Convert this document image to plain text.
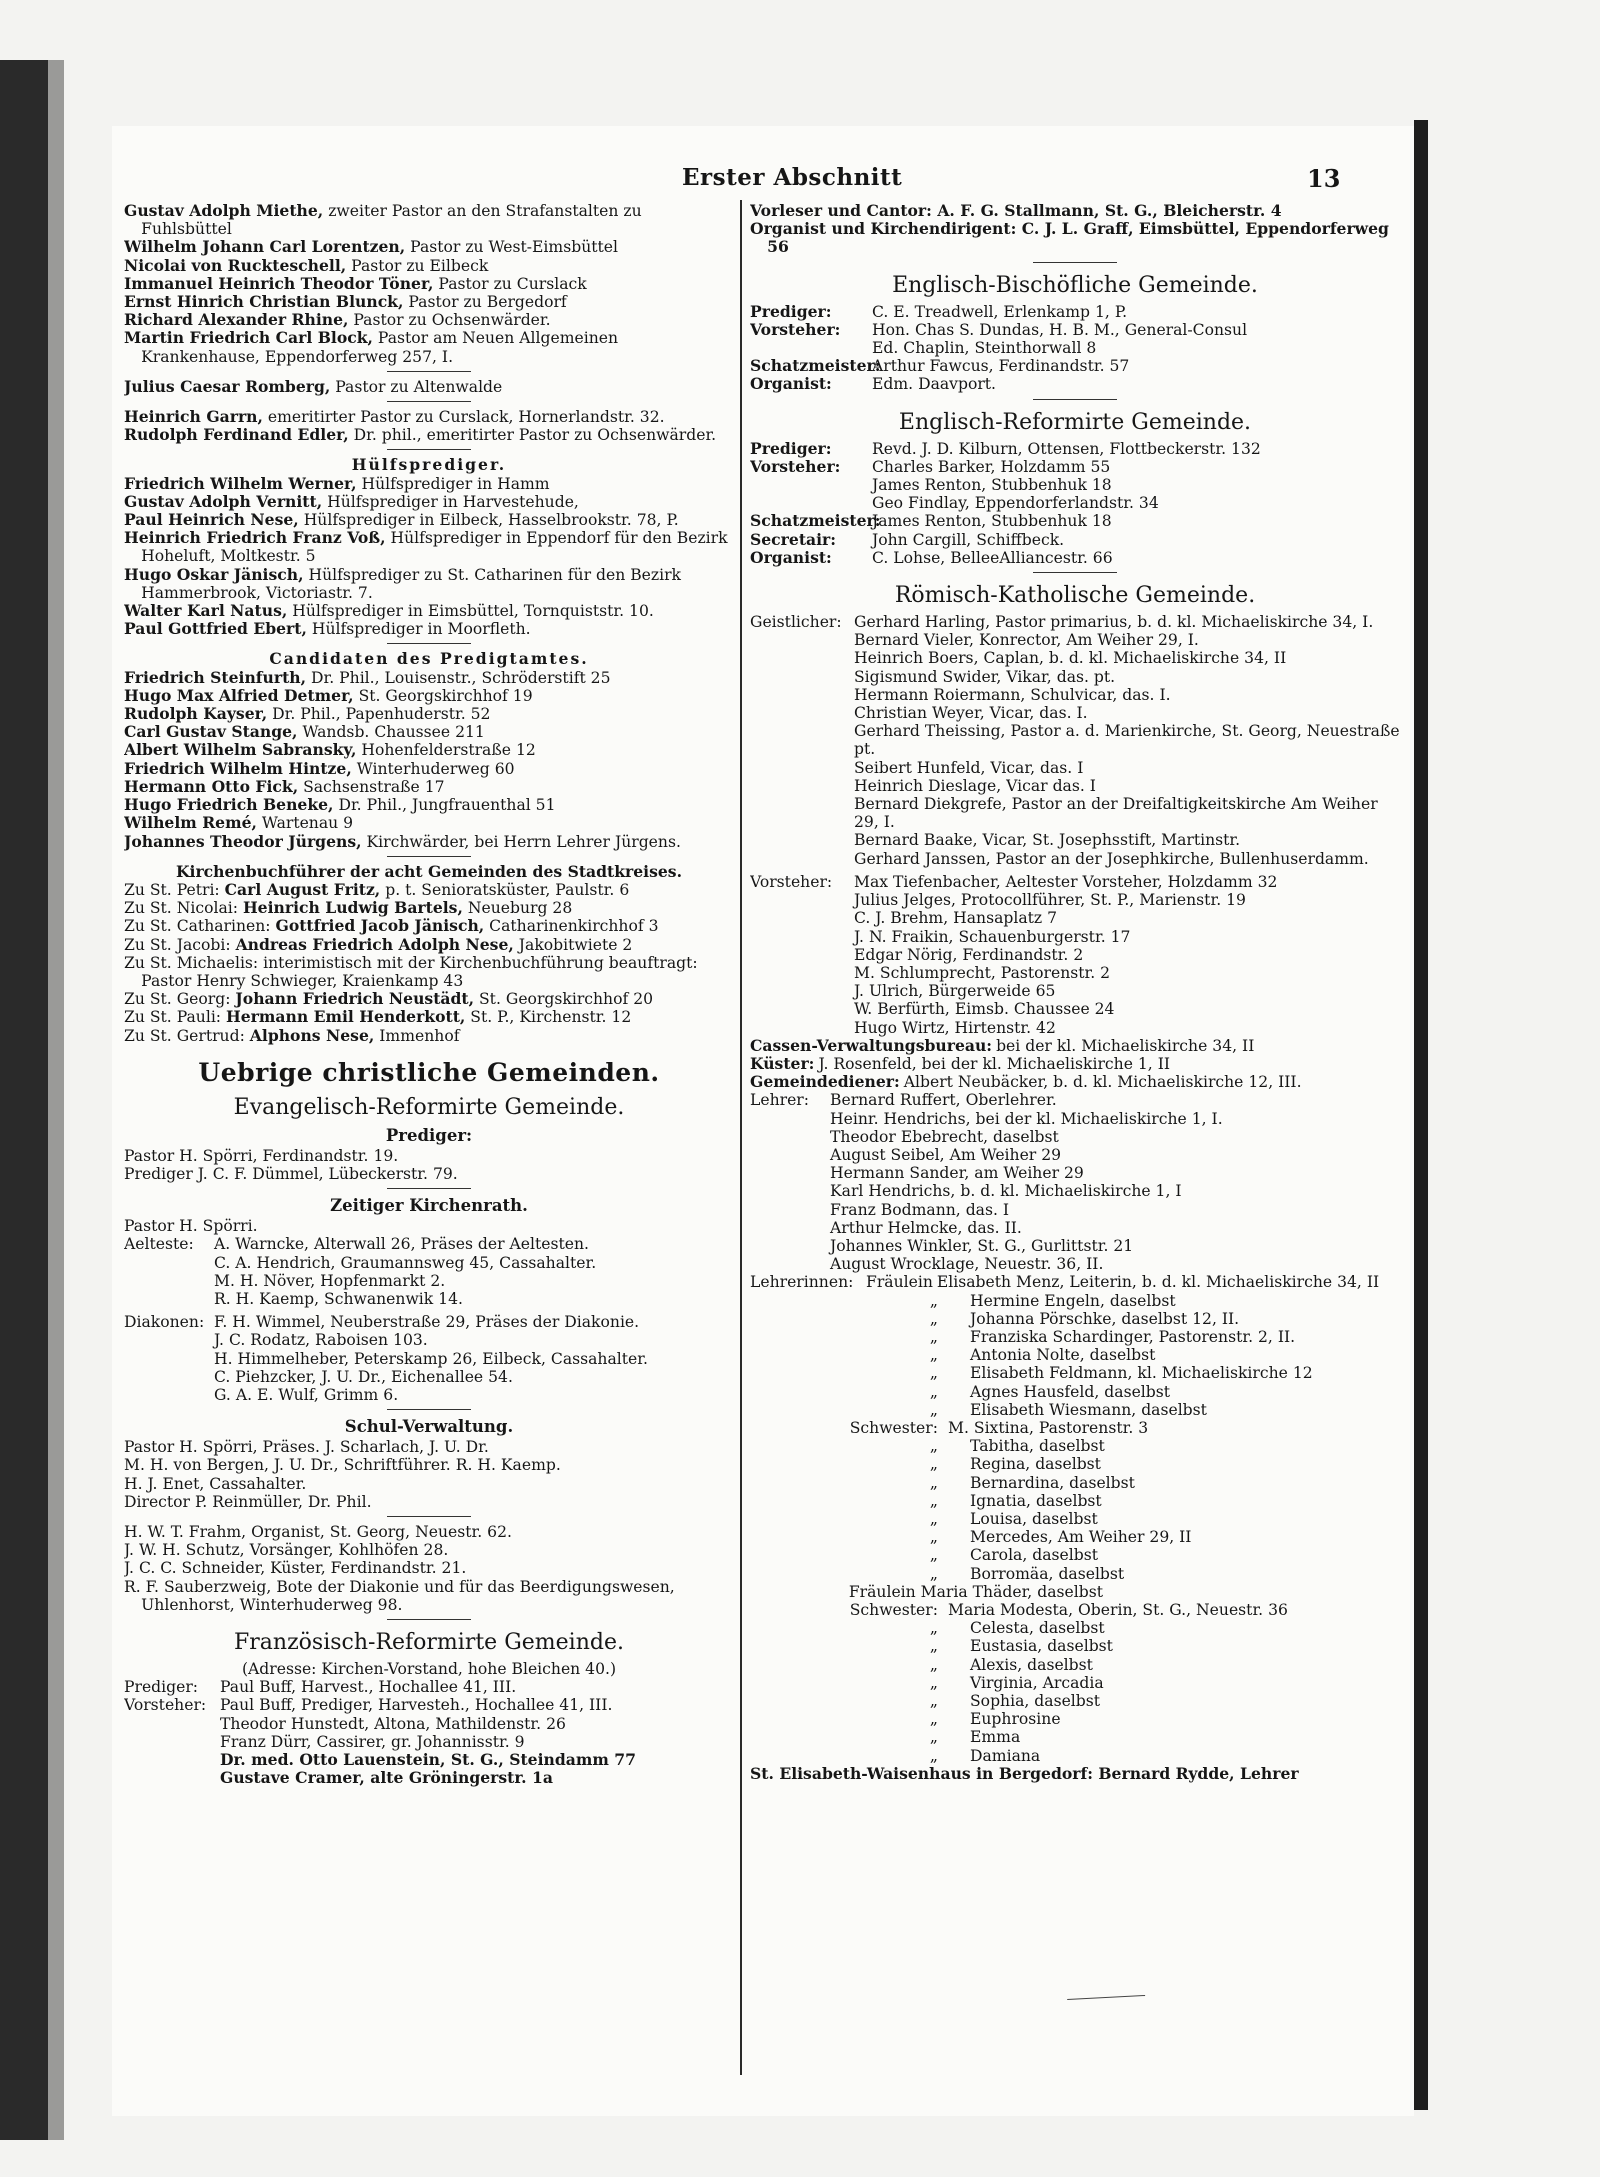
Erster Abschnitt	13

Gustav Adolph Miethe, zweiter Pastor an den Strafanstalten zu Fuhlsbüttel

Wilhelm Johann Carl Lorentzen, Pastor zu West-Eimsbüttel

Nicolai von Ruckteschell, Pastor zu Eilbeck

Immanuel Heinrich Theodor Töner, Pastor zu Curslack

Ernst Hinrich Christian Blunck, Pastor zu Bergedorf

Richard Alexander Rhine, Pastor zu Ochsenwärder.

Martin Friedrich Carl Block, Pastor am Neuen Allgemeinen Krankenhause, Eppendorferweg 257, I.

Julius Caesar Romberg, Pastor zu Altenwalde

Heinrich Garrn, emeritirter Pastor zu Curslack, Hornerlandstr. 32.

Rudolph Ferdinand Edler, Dr. phil., emeritirter Pastor zu Ochsenwärder.

Hülfsprediger.

Friedrich Wilhelm Werner, Hülfsprediger in Hamm

Gustav Adolph Vernitt, Hülfsprediger in Harvestehude,

Paul Heinrich Nese, Hülfsprediger in Eilbeck, Hasselbrookstr. 78, P.

Heinrich Friedrich Franz Voß, Hülfsprediger in Eppendorf für den Bezirk Hoheluft, Moltkestr. 5

Hugo Oskar Jänisch, Hülfsprediger zu St. Catharinen für den Bezirk Hammerbrook, Victoriastr. 7.

Walter Karl Natus, Hülfsprediger in Eimsbüttel, Tornquiststr. 10.

Paul Gottfried Ebert, Hülfsprediger in Moorfleth.

Candidaten des Predigtamtes.

Friedrich Steinfurth, Dr. Phil., Louisenstr., Schröderstift 25

Hugo Max Alfried Detmer, St. Georgskirchhof 19

Rudolph Kayser, Dr. Phil., Papenhuderstr. 52

Carl Gustav Stange, Wandsb. Chaussee 211

Albert Wilhelm Sabransky, Hohenfelderstraße 12

Friedrich Wilhelm Hintze, Winterhuderweg 60

Hermann Otto Fick, Sachsenstraße 17

Hugo Friedrich Beneke, Dr. Phil., Jungfrauenthal 51

Wilhelm Remé, Wartenau 9

Johannes Theodor Jürgens, Kirchwärder, bei Herrn Lehrer Jürgens.

Kirchenbuchführer der acht Gemeinden des Stadtkreises.

Zu St. Petri: Carl August Fritz, p. t. Senioratsküster, Paulstr. 6

Zu St. Nicolai: Heinrich Ludwig Bartels, Neueburg 28

Zu St. Catharinen: Gottfried Jacob Jänisch, Catharinenkirchhof 3

Zu St. Jacobi: Andreas Friedrich Adolph Nese, Jakobitwiete 2

Zu St. Michaelis: interimistisch mit der Kirchenbuchführung beauftragt: Pastor Henry Schwieger, Kraienkamp 43

Zu St. Georg: Johann Friedrich Neustädt, St. Georgskirchhof 20

Zu St. Pauli: Hermann Emil Henderkott, St. P., Kirchenstr. 12

Zu St. Gertrud: Alphons Nese, Immenhof

Uebrige christliche Gemeinden.
Evangelisch-Reformirte Gemeinde.
Prediger:

Pastor H. Spörri, Ferdinandstr. 19.

Prediger J. C. F. Dümmel, Lübeckerstr. 79.

Zeitiger Kirchenrath.

Pastor H. Spörri.

Aelteste:	A. Warncke, Alterwall 26, Präses der Aeltesten.
C. A. Hendrich, Graumannsweg 45, Cassahalter.
M. H. Növer, Hopfenmarkt 2.
R. H. Kaemp, Schwanenwik 14.
Diakonen: F. H. Wimmel, Neuberstraße 29, Präses der Diakonie.
J. C. Rodatz, Raboisen 103.
H. Himmelheber, Peterskamp 26, Eilbeck, Cassahalter.
C. Piehzcker, J. U. Dr., Eichenallee 54.
G. A. E. Wulf, Grimm 6.
Schul-Verwaltung.

Pastor H. Spörri, Präses. J. Scharlach, J. U. Dr.

M. H. von Bergen, J. U. Dr., Schriftführer. R. H. Kaemp.

H. J. Enet, Cassahalter.

Director P. Reinmüller, Dr. Phil.

H. W. T. Frahm, Organist, St. Georg, Neuestr. 62.

J. W. H. Schutz, Vorsänger, Kohlhöfen 28.

J. C. C. Schneider, Küster, Ferdinandstr. 21.

R. F. Sauberzweig, Bote der Diakonie und für das Beerdigungswesen, Uhlenhorst, Winterhuderweg 98.

Französisch-Reformirte Gemeinde.
(Adresse: Kirchen-Vorstand, hohe Bleichen 40.)
Prediger:	Paul Buff, Harvest., Hochallee 41, III.
Vorsteher: Paul Buff, Prediger, Harvesteh., Hochallee 41, III.
Theodor Hunstedt, Altona, Mathildenstr. 26
Franz Dürr, Cassirer, gr. Johannisstr. 9
Dr. med. Otto Lauenstein, St. G., Steindamm 77
Gustave Cramer, alte Gröningerstr. 1a

Vorleser und Cantor: A. F. G. Stallmann, St. G., Bleicherstr. 4

Organist und Kirchendirigent: C. J. L. Graff, Eimsbüttel, Eppendorferweg 56

Englisch-Bischöfliche Gemeinde.
Prediger:	C. E. Treadwell, Erlenkamp 1, P.
Vorsteher:	Hon. Chas S. Dundas, H. B. M., General-Consul
Ed. Chaplin, Steinthorwall 8
Schatzmeister:
Arthur Fawcus, Ferdinandstr. 57
Organist:	Edm. Daavport.
Englisch-Reformirte Gemeinde.
Prediger:	Revd. J. D. Kilburn, Ottensen, Flottbeckerstr. 132
Vorsteher:	Charles Barker, Holzdamm 55
James Renton, Stubbenhuk 18
Geo Findlay, Eppendorferlandstr. 34
Schatzmeister:
James Renton, Stubbenhuk 18
Secretair:	John Cargill, Schiffbeck.
Organist:	C. Lohse, BelleeAlliancestr. 66
Römisch-Katholische Gemeinde.
Geistlicher: Gerhard Harling, Pastor primarius, b. d. kl. Michaeliskirche 34, I.
Bernard Vieler, Konrector, Am Weiher 29, I.
Heinrich Boers, Caplan, b. d. kl. Michaeliskirche 34, II
Sigismund Swider, Vikar, das. pt.
Hermann Roiermann, Schulvicar, das. I.
Christian Weyer, Vicar, das. I.
Gerhard Theissing, Pastor a. d. Marienkirche, St. Georg, Neuestraße pt.
Seibert Hunfeld, Vicar, das. I
Heinrich Dieslage, Vicar das. I
Bernard Diekgrefe, Pastor an der Dreifaltigkeitskirche Am Weiher 29, I.
Bernard Baake, Vicar, St. Josephsstift, Martinstr.
Gerhard Janssen, Pastor an der Josephkirche, Bullenhuserdamm.
Vorsteher:	Max Tiefenbacher, Aeltester Vorsteher, Holzdamm 32
Julius Jelges, Protocollführer, St. P., Marienstr. 19
C. J. Brehm, Hansaplatz 7
J. N. Fraikin, Schauenburgerstr. 17
Edgar Nörig, Ferdinandstr. 2
M. Schlumprecht, Pastorenstr. 2
J. Ulrich, Bürgerweide 65
W. Berfürth, Eimsb. Chaussee 24
Hugo Wirtz, Hirtenstr. 42
Cassen-Verwaltungsbureau: bei der kl. Michaeliskirche 34, II
Küster: J. Rosenfeld, bei der kl. Michaeliskirche 1, II
Gemeindediener: Albert Neubäcker, b. d. kl. Michaeliskirche 12, III.
Lehrer:	Bernard Ruffert, Oberlehrer.
Heinr. Hendrichs, bei der kl. Michaeliskirche 1, I.
Theodor Ebebrecht, daselbst
August Seibel, Am Weiher 29
Hermann Sander, am Weiher 29
Karl Hendrichs, b. d. kl. Michaeliskirche 1, I
Franz Bodmann, das. I
Arthur Helmcke, das. II.
Johannes Winkler, St. G., Gurlittstr. 21
August Wrocklage, Neuestr. 36, II.
Lehrerinnen: Fräulein Elisabeth Menz, Leiterin, b. d. kl. Michaeliskirche 34, II
„	Hermine Engeln, daselbst
„	Johanna Pörschke, daselbst 12, II.
„	Franziska Schardinger, Pastorenstr. 2, II.
„	Antonia Nolte, daselbst
„	Elisabeth Feldmann, kl. Michaeliskirche 12
„	Agnes Hausfeld, daselbst
„	Elisabeth Wiesmann, daselbst
Schwester: M. Sixtina, Pastorenstr. 3
„	Tabitha, daselbst
„	Regina, daselbst
„	Bernardina, daselbst
„	Ignatia, daselbst
„	Louisa, daselbst
„	Mercedes, Am Weiher 29, II
„	Carola, daselbst
„	Borromäa, daselbst

Fräulein Maria Thäder, daselbst

Schwester: Maria Modesta, Oberin, St. G., Neuestr. 36
„	Celesta, daselbst
„	Eustasia, daselbst
„	Alexis, daselbst
„	Virginia, Arcadia
„	Sophia, daselbst
„	Euphrosine
„	Emma
„	Damiana

St. Elisabeth-Waisenhaus in Bergedorf: Bernard Rydde, Lehrer
